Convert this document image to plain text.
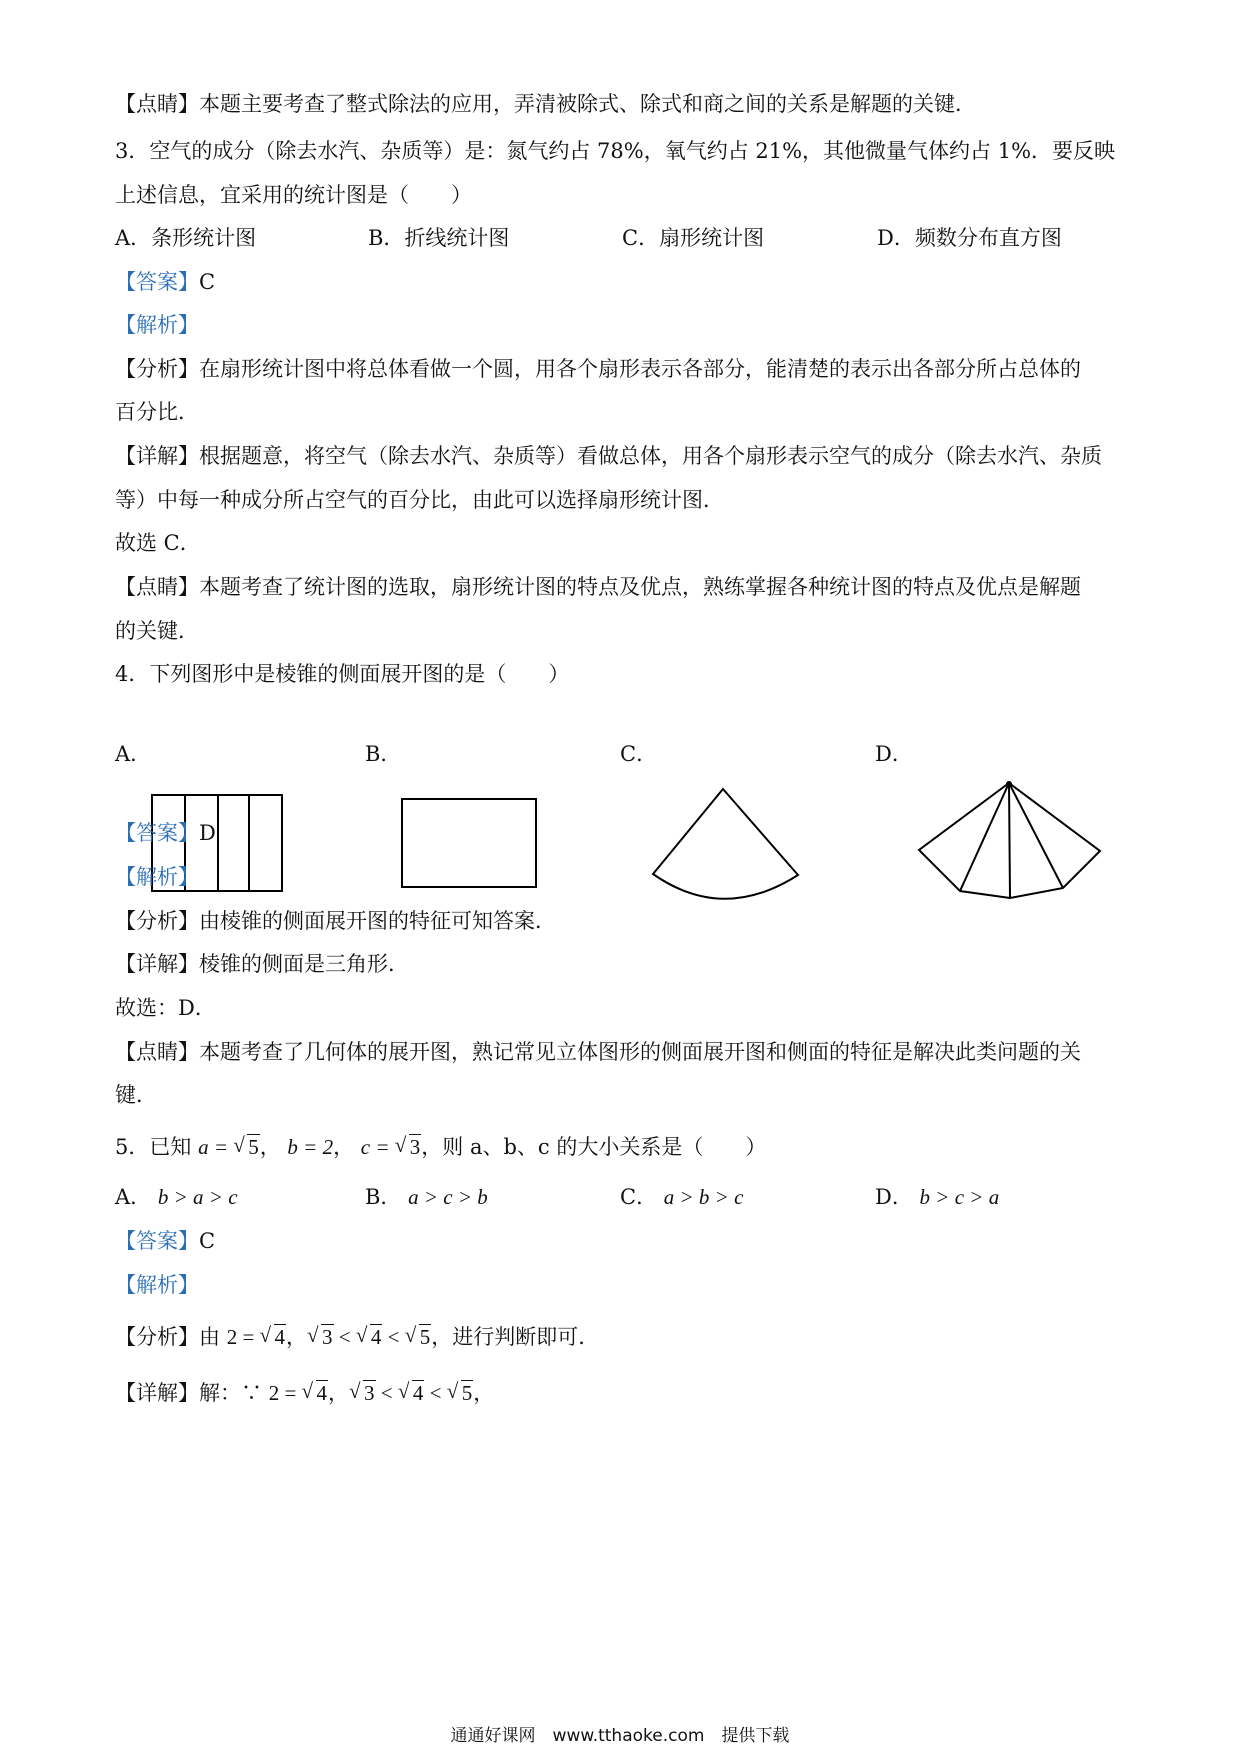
【点睛】本题主要考查了整式除法的应用，弄清被除式、除式和商之间的关系是解题的关键．
3．空气的成分（除去水汽、杂质等）是：氮气约占 78%，氧气约占 21%，其他微量气体约占 1%．要反映
上述信息，宜采用的统计图是（　　）
A．条形统计图	B．折线统计图	C．扇形统计图	D．频数分布直方图
【答案】C
【解析】
【分析】在扇形统计图中将总体看做一个圆，用各个扇形表示各部分，能清楚的表示出各部分所占总体的
百分比．
【详解】根据题意，将空气（除去水汽、杂质等）看做总体，用各个扇形表示空气的成分（除去水汽、杂质
等）中每一种成分所占空气的百分比，由此可以选择扇形统计图．
故选 C．
【点睛】本题考查了统计图的选取，扇形统计图的特点及优点，熟练掌握各种统计图的特点及优点是解题
的关键．
4．下列图形中是棱锥的侧面展开图的是（　　）
A．	B．	C．	D．
【答案】D
【解析】
【分析】由棱锥的侧面展开图的特征可知答案．
【详解】棱锥的侧面是三角形．
故选：D．
【点睛】本题考查了几何体的展开图，熟记常见立体图形的侧面展开图和侧面的特征是解决此类问题的关
键．
5．已知 a = √ 5， b = 2， c = √ 3，则 a、b、c 的大小关系是（　　）
A． b > a > c	B． a > c > b	C． a > b > c	D． b > c > a
【答案】C
【解析】
【分析】由 2 = √ 4， √ 3 < √ 4 < √ 5，进行判断即可．
【详解】解：∵ 2 = √ 4， √ 3 < √ 4 < √ 5，
通通好课网　www.tthaoke.com　提供下载
